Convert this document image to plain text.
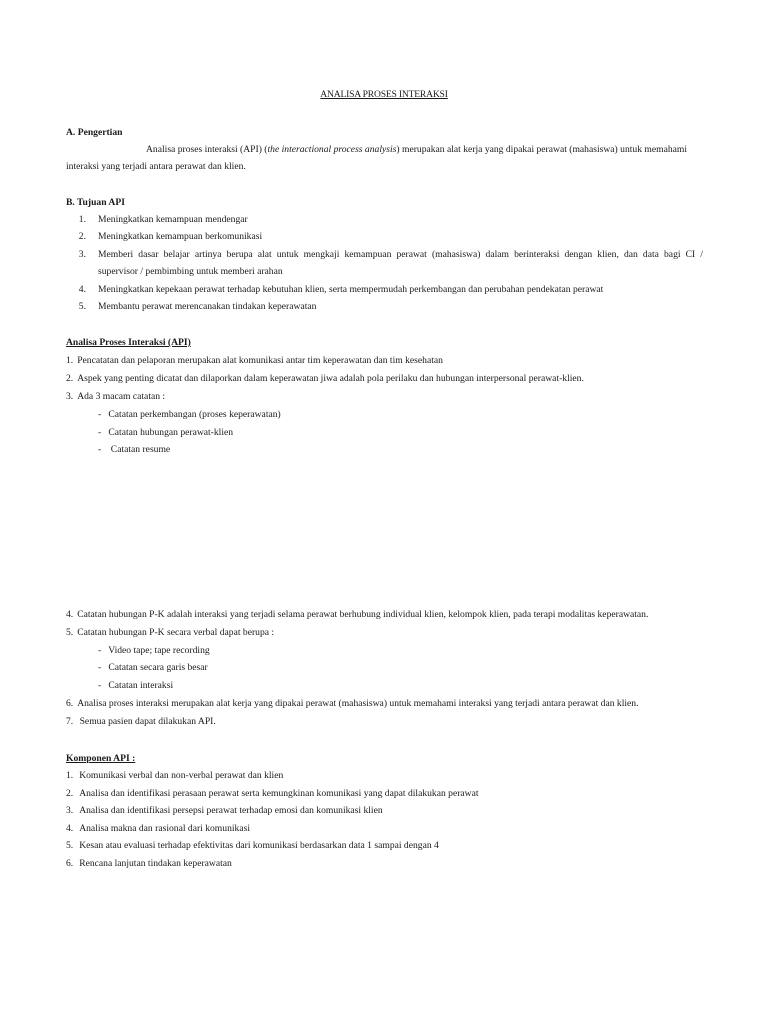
ANALISA PROSES INTERAKSI
A. Pengertian
Analisa proses interaksi (API) (the interactional process analysis) merupakan alat kerja yang dipakai perawat (mahasiswa) untuk memahami
interaksi yang terjadi antara perawat dan klien.
B. Tujuan API
1. Meningkatkan kemampuan mendengar
2. Meningkatkan kemampuan berkomunikasi
3. Memberi dasar belajar artinya berupa alat untuk mengkaji kemampuan perawat (mahasiswa) dalam berinteraksi dengan klien, dan data bagi CI /
supervisor / pembimbing untuk memberi arahan
4. Meningkatkan kepekaan perawat terhadap kebutuhan klien, serta mempermudah perkembangan dan perubahan pendekatan perawat
5. Membantu perawat merencanakan tindakan keperawatan
Analisa Proses Interaksi (API)
1. Pencatatan dan pelaporan merupakan alat komunikasi antar tim keperawatan dan tim kesehatan
2. Aspek yang penting dicatat dan dilaporkan dalam keperawatan jiwa adalah pola perilaku dan hubungan interpersonal perawat-klien.
3. Ada 3 macam catatan :
-   Catatan perkembangan (proses keperawatan)
-   Catatan hubungan perawat-klien
-    Catatan resume
4. Catatan hubungan P-K adalah interaksi yang terjadi selama perawat berhubung individual klien, kelompok klien, pada terapi modalitas keperawatan.
5. Catatan hubungan P-K secara verbal dapat berupa :
-   Video tape; tape recording
-   Catatan secara garis besar
-   Catatan interaksi
6. Analisa proses interaksi merupakan alat kerja yang dipakai perawat (mahasiswa) untuk memahami interaksi yang terjadi antara perawat dan klien.
7. Semua pasien dapat dilakukan API.
Komponen API :
1. Komunikasi verbal dan non-verbal perawat dan klien
2. Analisa dan identifikasi perasaan perawat serta kemungkinan komunikasi yang dapat dilakukan perawat
3. Analisa dan identifikasi persepsi perawat terhadap emosi dan komunikasi klien
4. Analisa makna dan rasional dari komunikasi
5. Kesan atau evaluasi terhadap efektivitas dari komunikasi berdasarkan data 1 sampai dengan 4
6. Rencana lanjutan tindakan keperawatan
